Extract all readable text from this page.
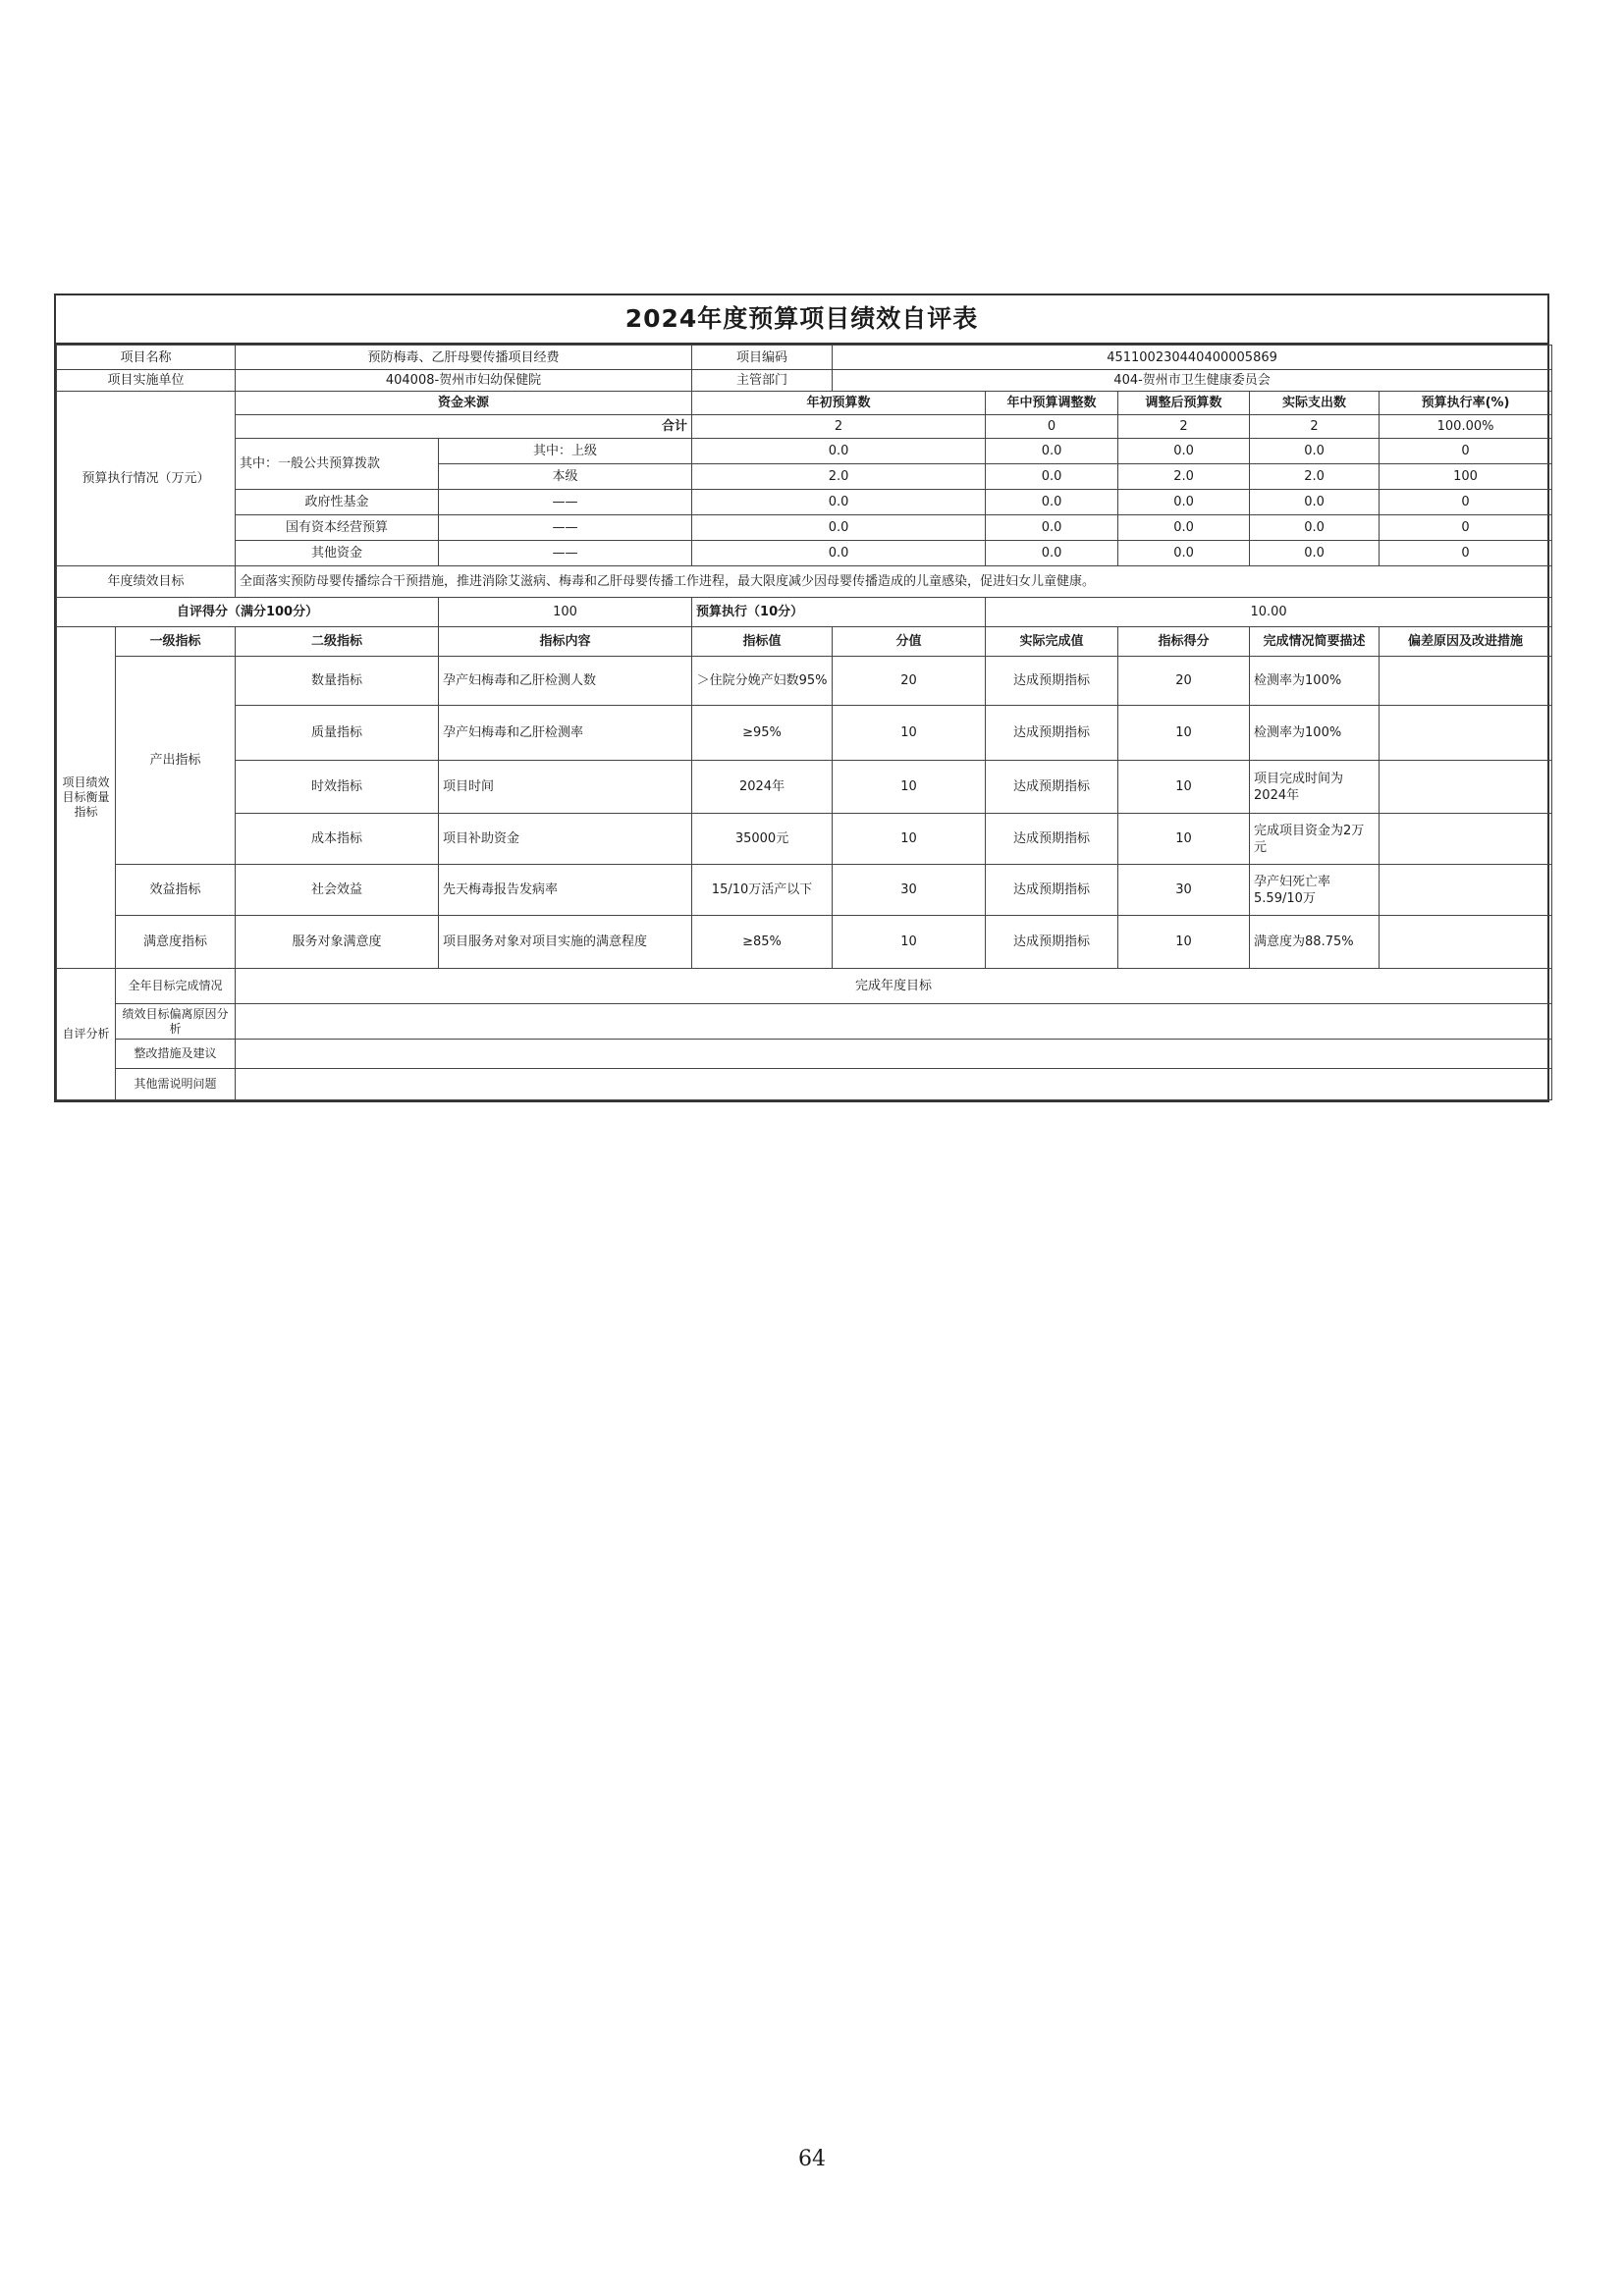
2024年度预算项目绩效自评表
项目名称		预防梅毒、乙肝母婴传播项目经费		项目编码	451100230440400005869				
项目实施单位		404008-贺州市妇幼保健院		主管部门	404-贺州市卫生健康委员会				
预算执行情况（万元）		资金来源		年初预算数		年中预算调整数	调整后预算数	实际支出数	预算执行率(%)
		合计		2		0	2	2	100.00%
		其中：一般公共预算拨款	其中：上级	0.0		0.0	0.0	0.0	0
			本级	2.0		0.0	2.0	2.0	100
		政府性基金	——	0.0		0.0	0.0	0.0	0
		国有资本经营预算	——	0.0		0.0	0.0	0.0	0
		其他资金	——	0.0		0.0	0.0	0.0	0
年度绩效目标		全面落实预防母婴传播综合干预措施，推进消除艾滋病、梅毒和乙肝母婴传播工作进程，最大限度减少因母婴传播造成的儿童感染，促进妇女儿童健康。							
自评得分（满分100分）			100	预算执行（10分）		10.00			
项目绩效目标衡量指标	一级指标	二级指标	指标内容	指标值	分值	实际完成值	指标得分	完成情况简要描述	偏差原因及改进措施
	产出指标	数量指标	孕产妇梅毒和乙肝检测人数	＞住院分娩产妇数95%	20	达成预期指标	20	检测率为100%	
		质量指标	孕产妇梅毒和乙肝检测率	≥95%	10	达成预期指标	10	检测率为100%	
		时效指标	项目时间	2024年	10	达成预期指标	10	项目完成时间为2024年	
		成本指标	项目补助资金	35000元	10	达成预期指标	10	完成项目资金为2万元	
	效益指标	社会效益	先天梅毒报告发病率	15/10万活产以下	30	达成预期指标	30	孕产妇死亡率5.59/10万	
	满意度指标	服务对象满意度	项目服务对象对项目实施的满意程度	≥85%	10	达成预期指标	10	满意度为88.75%	
自评分析	全年目标完成情况	完成年度目标							
	绩效目标偏离原因分析								
	整改措施及建议								
	其他需说明问题								
64
